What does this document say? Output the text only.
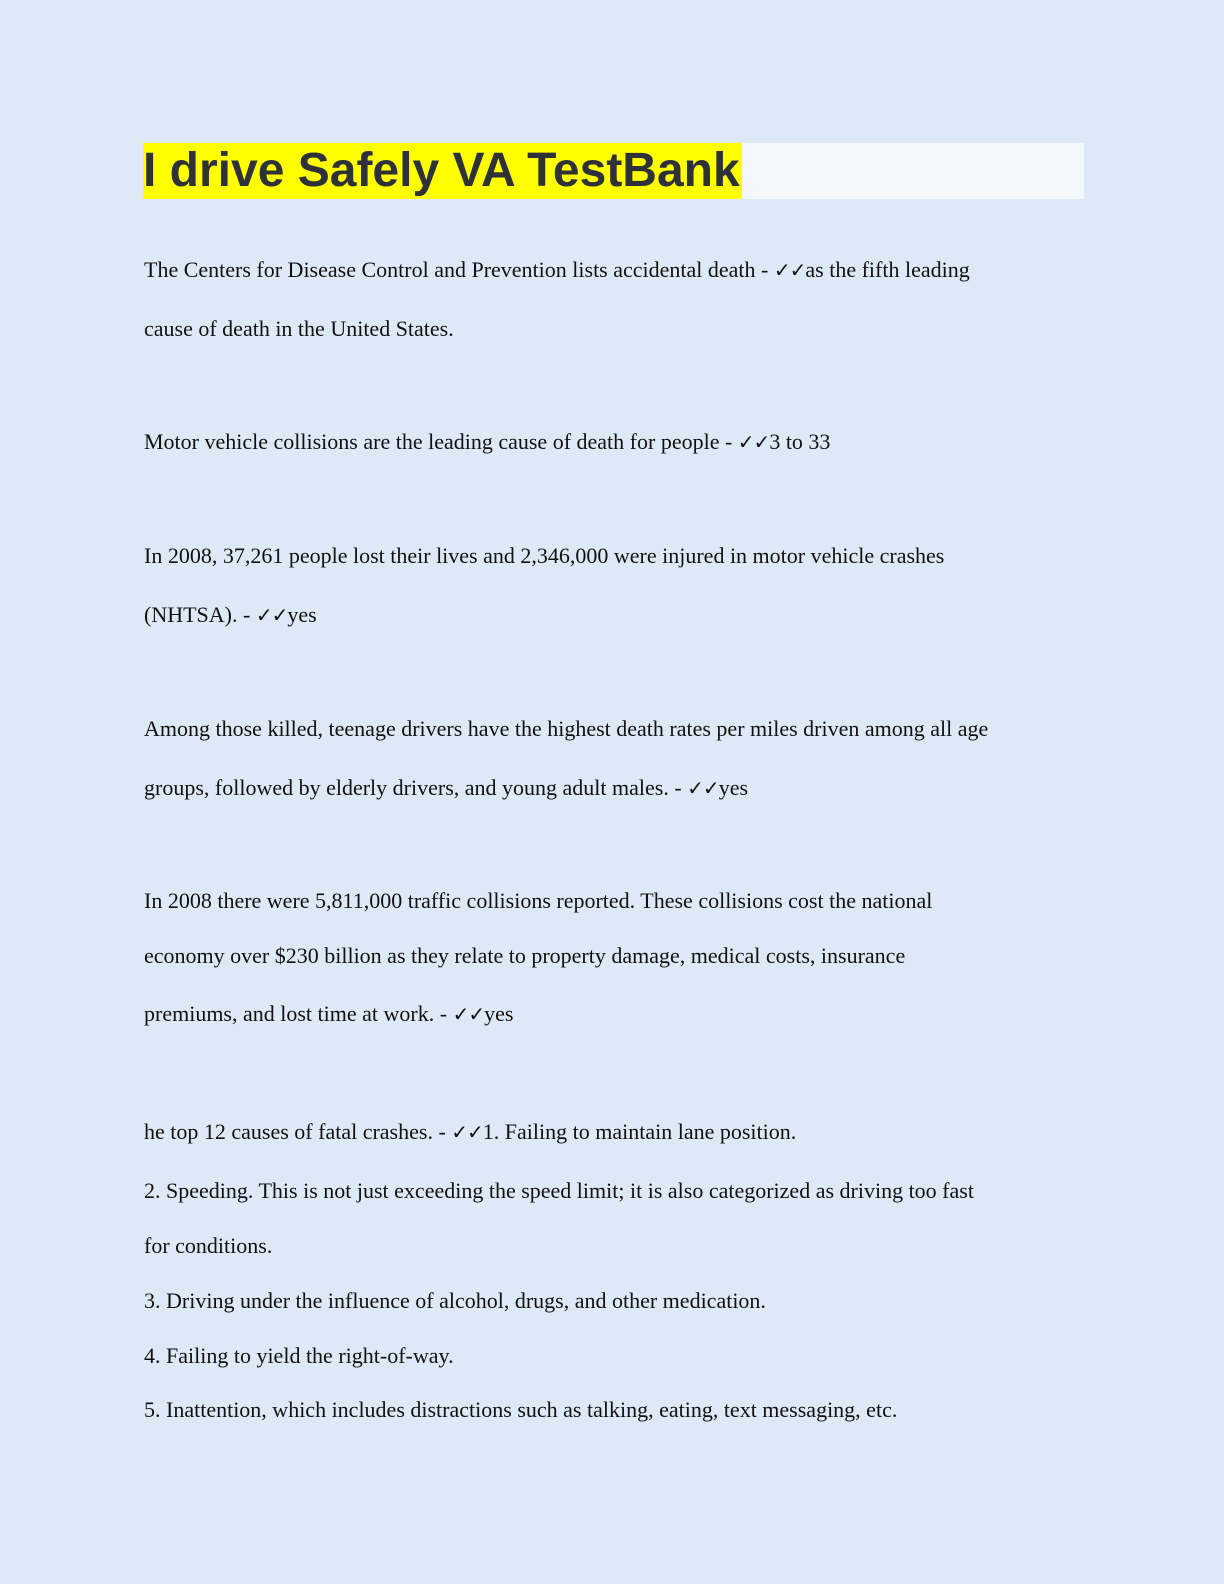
I drive Safely VA TestBank
The Centers for Disease Control and Prevention lists accidental death - ✓✓as the fifth leading
cause of death in the United States.
Motor vehicle collisions are the leading cause of death for people - ✓✓3 to 33
In 2008, 37,261 people lost their lives and 2,346,000 were injured in motor vehicle crashes
(NHTSA). - ✓✓yes
Among those killed, teenage drivers have the highest death rates per miles driven among all age
groups, followed by elderly drivers, and young adult males. - ✓✓yes
In 2008 there were 5,811,000 traffic collisions reported. These collisions cost the national
economy over $230 billion as they relate to property damage, medical costs, insurance
premiums, and lost time at work. - ✓✓yes
he top 12 causes of fatal crashes. - ✓✓1. Failing to maintain lane position.
2. Speeding. This is not just exceeding the speed limit; it is also categorized as driving too fast
for conditions.
3. Driving under the influence of alcohol, drugs, and other medication.
4. Failing to yield the right-of-way.
5. Inattention, which includes distractions such as talking, eating, text messaging, etc.
